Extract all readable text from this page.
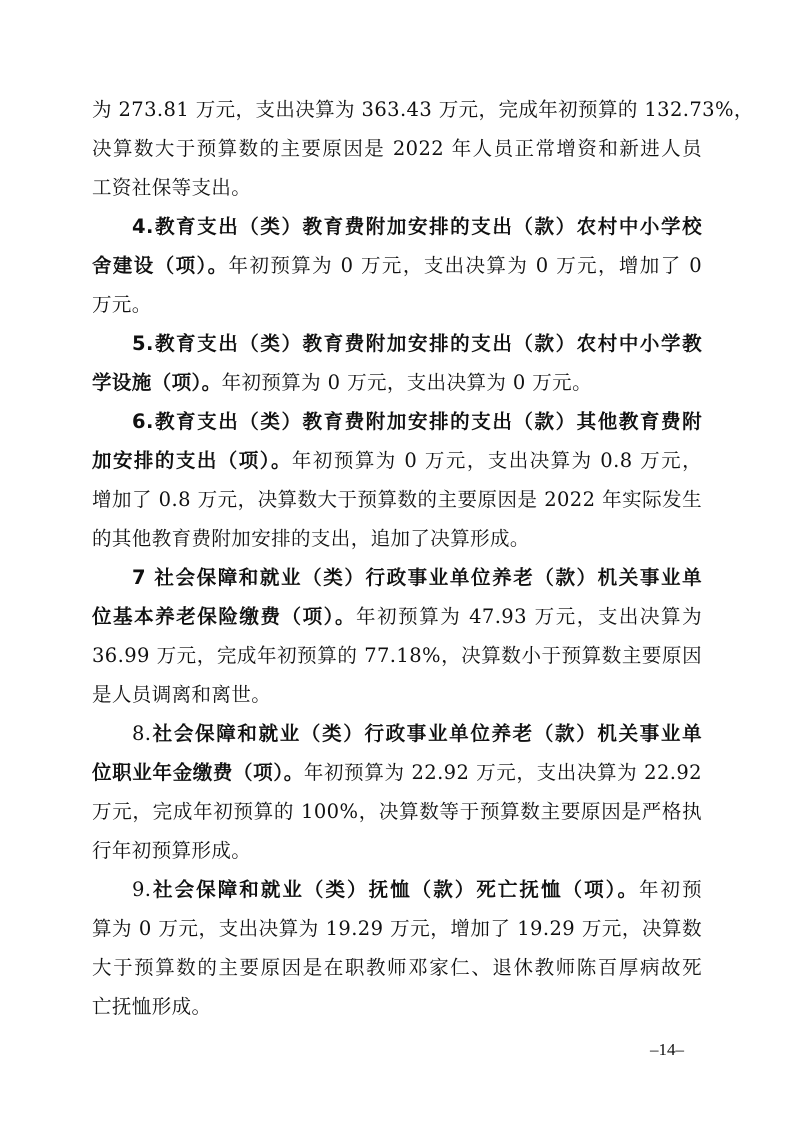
为 273.81 万元，支出决算为 363.43 万元，完成年初预算的 132.73%，
决算数大于预算数的主要原因是 2022 年人员正常增资和新进人员
工资社保等支出。
4.教育支出（类）教育费附加安排的支出（款）农村中小学校
舍建设（项）。年初预算为 0 万元，支出决算为 0 万元，增加了 0
万元。
5.教育支出（类）教育费附加安排的支出（款）农村中小学教
学设施（项）。年初预算为 0 万元，支出决算为 0 万元。
6.教育支出（类）教育费附加安排的支出（款）其他教育费附
加安排的支出（项）。年初预算为 0 万元，支出决算为 0.8 万元，
增加了 0.8 万元，决算数大于预算数的主要原因是 2022 年实际发生
的其他教育费附加安排的支出，追加了决算形成。
7 社会保障和就业（类）行政事业单位养老（款）机关事业单
位基本养老保险缴费（项）。年初预算为 47.93 万元，支出决算为
36.99 万元，完成年初预算的 77.18%，决算数小于预算数主要原因
是人员调离和离世。
8.社会保障和就业（类）行政事业单位养老（款）机关事业单
位职业年金缴费（项）。年初预算为 22.92 万元，支出决算为 22.92
万元，完成年初预算的 100%，决算数等于预算数主要原因是严格执
行年初预算形成。
9.社会保障和就业（类）抚恤（款）死亡抚恤（项）。年初预
算为 0 万元，支出决算为 19.29 万元，增加了 19.29 万元，决算数
大于预算数的主要原因是在职教师邓家仁、退休教师陈百厚病故死
亡抚恤形成。
–14–
